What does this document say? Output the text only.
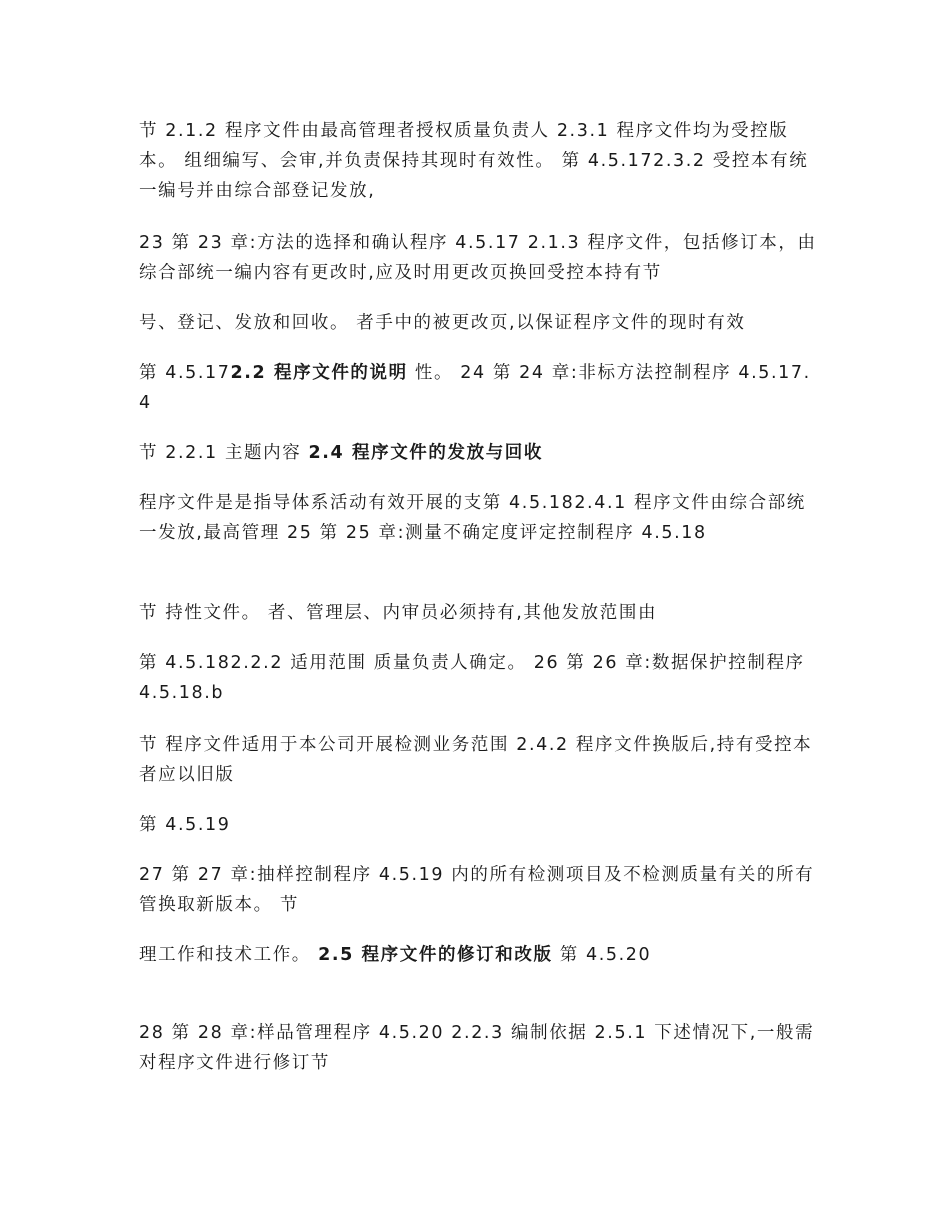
节 2.1.2 程序文件由最高管理者授权质量负责人 2.3.1 程序文件均为受控版本。 组细编写、会审,并负责保持其现时有效性。 第 4.5.172.3.2 受控本有统一编号并由综合部登记发放,

23 第 23 章:方法的选择和确认程序 4.5.17 2.1.3 程序文件，包括修订本，由综合部统一编内容有更改时,应及时用更改页换回受控本持有节

号、登记、发放和回收。 者手中的被更改页,以保证程序文件的现时有效

第 4.5.172.2 程序文件的说明 性。 24 第 24 章:非标方法控制程序 4.5.17.4

节 2.2.1 主题内容 2.4 程序文件的发放与回收

程序文件是是指导体系活动有效开展的支第 4.5.182.4.1 程序文件由综合部统一发放,最高管理 25 第 25 章:测量不确定度评定控制程序 4.5.18

节 持性文件。 者、管理层、内审员必须持有,其他发放范围由

第 4.5.182.2.2 适用范围 质量负责人确定。 26 第 26 章:数据保护控制程序 4.5.18.b

节 程序文件适用于本公司开展检测业务范围 2.4.2 程序文件换版后,持有受控本者应以旧版

第 4.5.19

27 第 27 章:抽样控制程序 4.5.19 内的所有检测项目及不检测质量有关的所有管换取新版本。 节

理工作和技术工作。 2.5 程序文件的修订和改版 第 4.5.20

28 第 28 章:样品管理程序 4.5.20 2.2.3 编制依据 2.5.1 下述情况下,一般需对程序文件进行修订节
